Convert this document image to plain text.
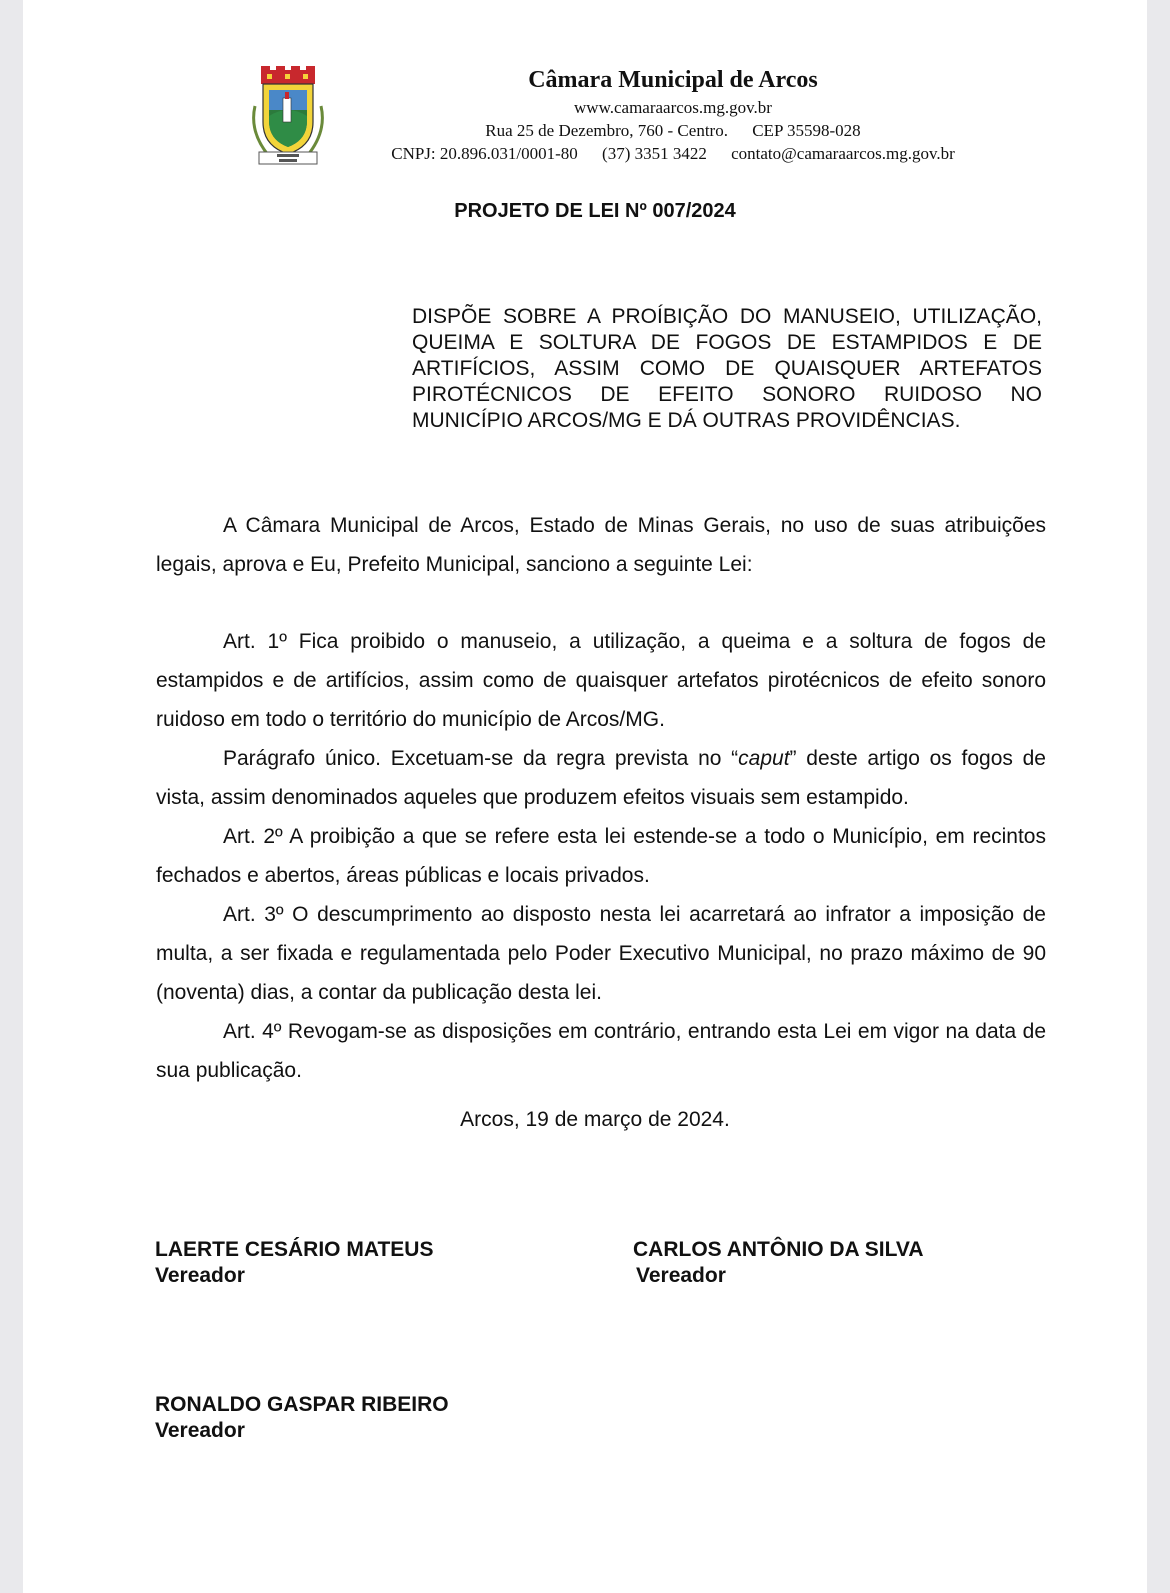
Câmara Municipal de Arcos
www.camaraarcos.mg.gov.br
Rua 25 de Dezembro, 760 - Centro. CEP 35598-028
CNPJ: 20.896.031/0001-80 (37) 3351 3422 contato@camaraarcos.mg.gov.br
PROJETO DE LEI Nº 007/2024
DISPÕE SOBRE A PROÍBIÇÃO DO MANUSEIO, UTILIZAÇÃO, QUEIMA E SOLTURA DE FOGOS DE ESTAMPIDOS E DE ARTIFÍCIOS, ASSIM COMO DE QUAISQUER ARTEFATOS PIROTÉCNICOS DE EFEITO SONORO RUIDOSO NO MUNICÍPIO ARCOS/MG E DÁ OUTRAS PROVIDÊNCIAS.

A Câmara Municipal de Arcos, Estado de Minas Gerais, no uso de suas atribuições legais, aprova e Eu, Prefeito Municipal, sanciono a seguinte Lei:

Art. 1º Fica proibido o manuseio, a utilização, a queima e a soltura de fogos de estampidos e de artifícios, assim como de quaisquer artefatos pirotécnicos de efeito sonoro ruidoso em todo o território do município de Arcos/MG.

Parágrafo único. Excetuam-se da regra prevista no “caput” deste artigo os fogos de vista, assim denominados aqueles que produzem efeitos visuais sem estampido.

Art. 2º A proibição a que se refere esta lei estende-se a todo o Município, em recintos fechados e abertos, áreas públicas e locais privados.

Art. 3º O descumprimento ao disposto nesta lei acarretará ao infrator a imposição de multa, a ser fixada e regulamentada pelo Poder Executivo Municipal, no prazo máximo de 90 (noventa) dias, a contar da publicação desta lei.

Art. 4º Revogam-se as disposições em contrário, entrando esta Lei em vigor na data de sua publicação.

Arcos, 19 de março de 2024.
LAERTE CESÁRIO MATEUS
Vereador
CARLOS ANTÔNIO DA SILVA
Vereador
RONALDO GASPAR RIBEIRO
Vereador
